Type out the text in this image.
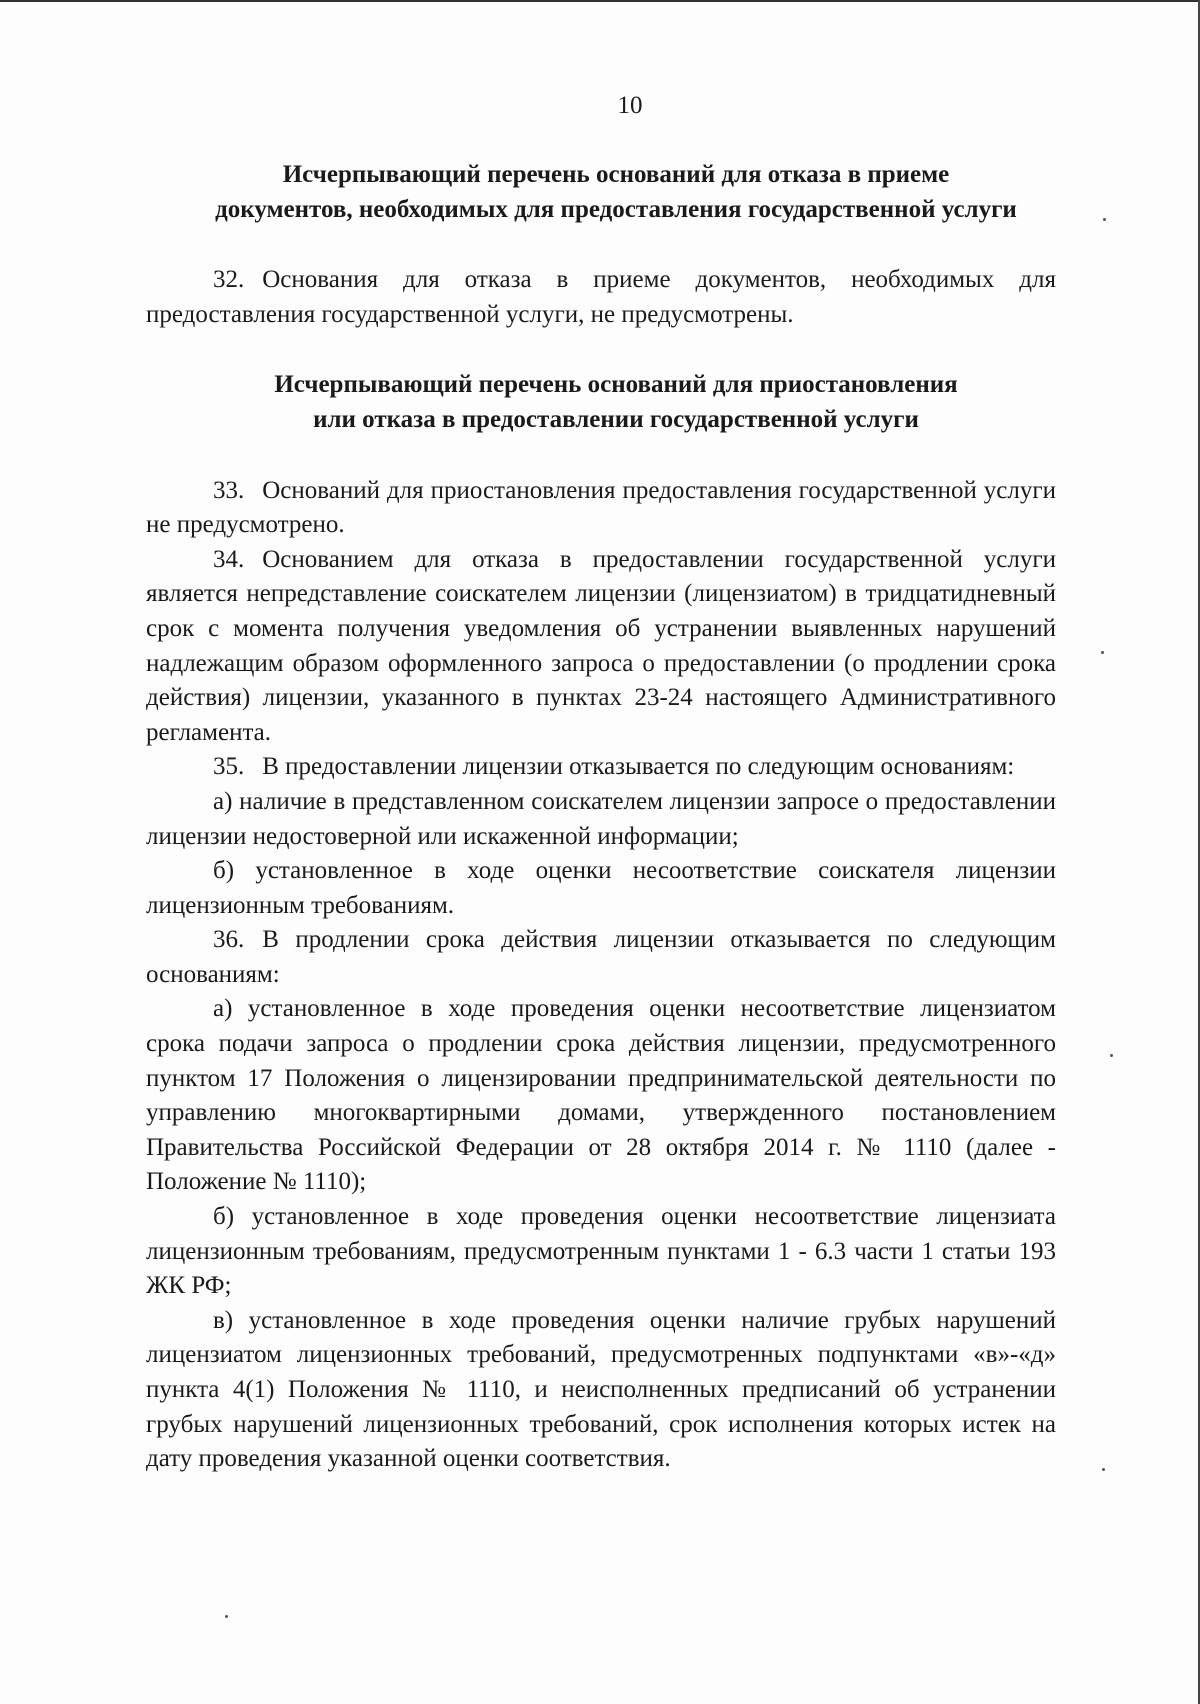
10
Исчерпывающий перечень оснований для отказа в приеме
документов, необходимых для предоставления государственной услуги

32. Основания для отказа в приеме документов, необходимых для предоставления государственной услуги, не предусмотрены.

Исчерпывающий перечень оснований для приостановления
или отказа в предоставлении государственной услуги

33. Оснований для приостановления предоставления государственной услуги не предусмотрено.

34. Основанием для отказа в предоставлении государственной услуги является непредставление соискателем лицензии (лицензиатом) в тридцатидневный срок с момента получения уведомления об устранении выявленных нарушений надлежащим образом оформленного запроса о предоставлении (о продлении срока действия) лицензии, указанного в пунктах 23-24 настоящего Административного регламента.

35. В предоставлении лицензии отказывается по следующим основаниям:

а) наличие в представленном соискателем лицензии запросе о предоставлении лицензии недостоверной или искаженной информации;

б) установленное в ходе оценки несоответствие соискателя лицензии лицензионным требованиям.

36. В продлении срока действия лицензии отказывается по следующим основаниям:

а) установленное в ходе проведения оценки несоответствие лицензиатом срока подачи запроса о продлении срока действия лицензии, предусмотренного пунктом 17 Положения о лицензировании предпринимательской деятельности по управлению многоквартирными домами, утвержденного постановлением Правительства Российской Федерации от 28 октября 2014 г. № 1110 (далее - Положение № 1110);

б) установленное в ходе проведения оценки несоответствие лицензиата лицензионным требованиям, предусмотренным пунктами 1 - 6.3 части 1 статьи 193 ЖК РФ;

в) установленное в ходе проведения оценки наличие грубых нарушений лицензиатом лицензионных требований, предусмотренных подпунктами «в»-«д» пункта 4(1) Положения № 1110, и неисполненных предписаний об устранении грубых нарушений лицензионных требований, срок исполнения которых истек на дату проведения указанной оценки соответствия.
